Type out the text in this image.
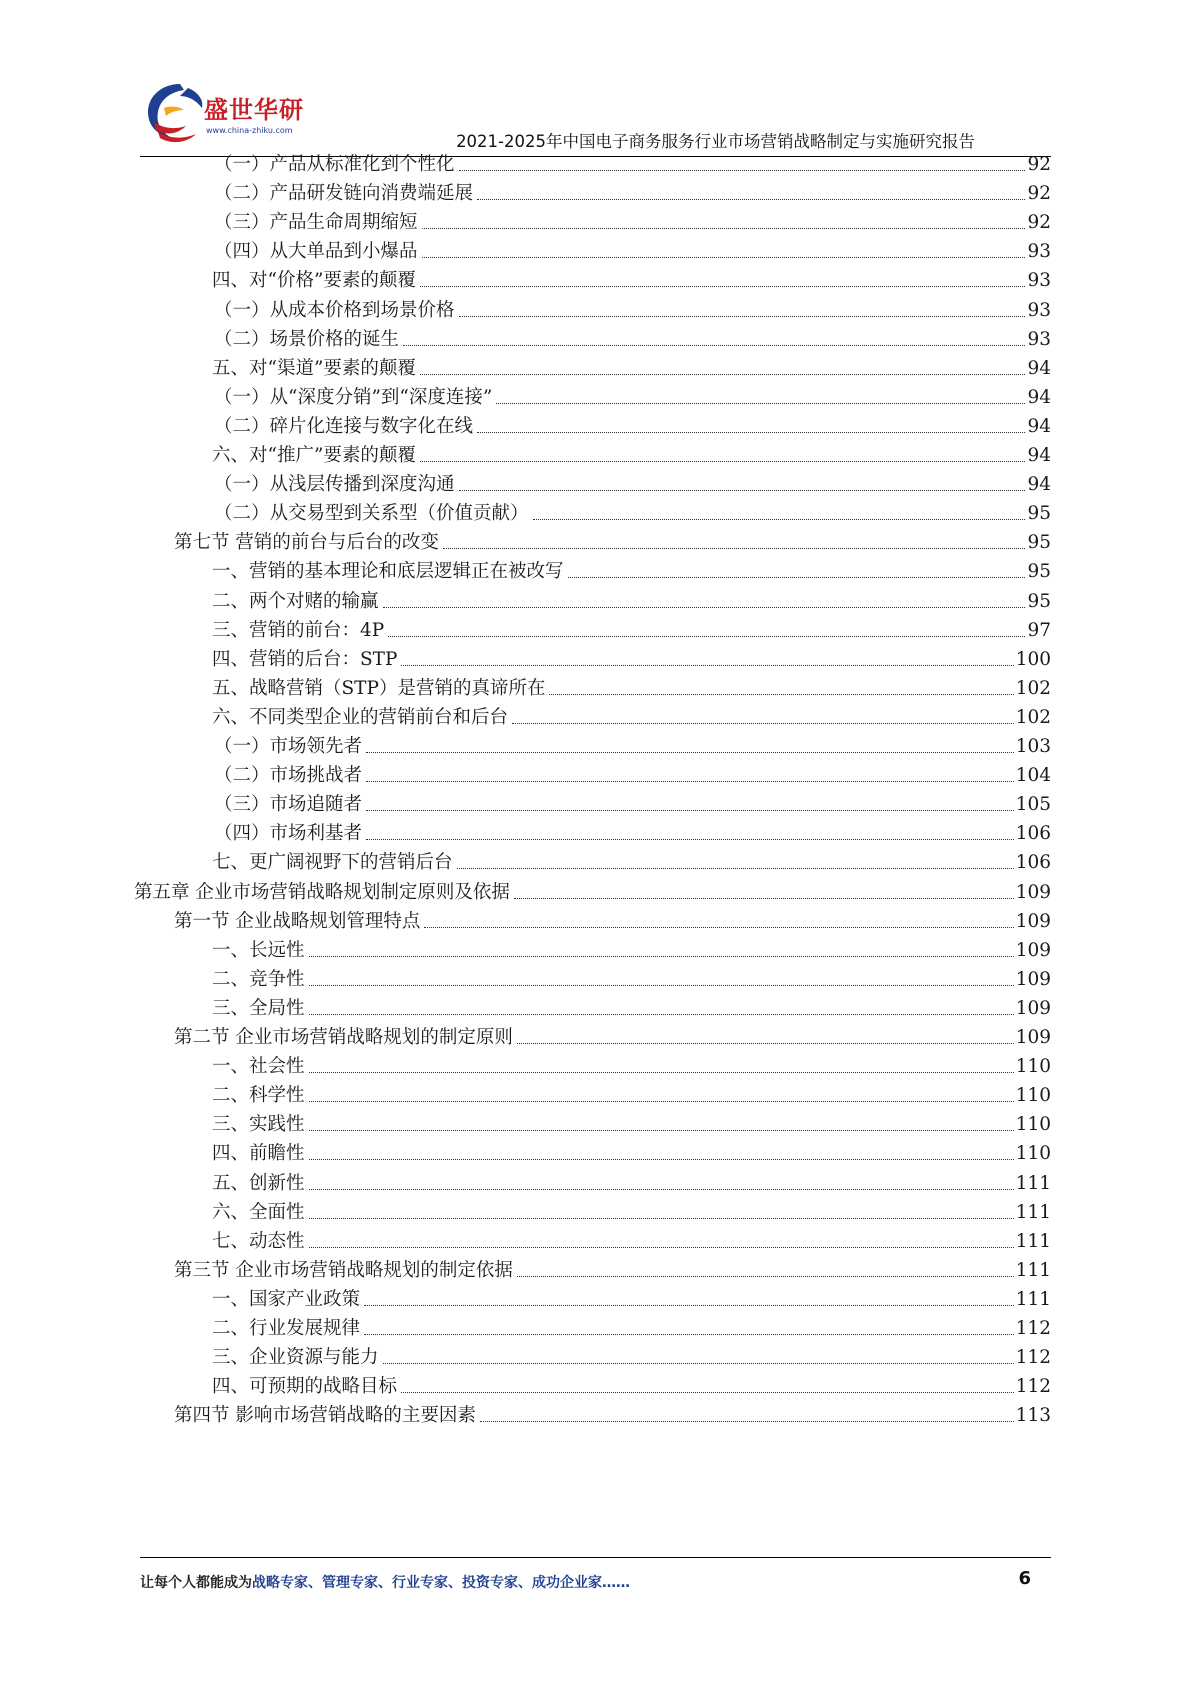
盛世华研
www.china-zhiku.com
2021-2025年中国电子商务服务行业市场营销战略制定与实施研究报告
（一）产品从标准化到个性化	92
（二）产品研发链向消费端延展	92
（三）产品生命周期缩短	92
（四）从大单品到小爆品	93
四、对“价格”要素的颠覆	93
（一）从成本价格到场景价格	93
（二）场景价格的诞生	93
五、对“渠道”要素的颠覆	94
（一）从“深度分销”到“深度连接”	94
（二）碎片化连接与数字化在线	94
六、对“推广”要素的颠覆	94
（一）从浅层传播到深度沟通	94
（二）从交易型到关系型（价值贡献）	95
第七节 营销的前台与后台的改变	95
一、营销的基本理论和底层逻辑正在被改写	95
二、两个对赌的输赢	95
三、营销的前台：4P	97
四、营销的后台：STP	100
五、战略营销（STP）是营销的真谛所在	102
六、不同类型企业的营销前台和后台	102
（一）市场领先者	103
（二）市场挑战者	104
（三）市场追随者	105
（四）市场利基者	106
七、更广阔视野下的营销后台	106
第五章 企业市场营销战略规划制定原则及依据	109
第一节 企业战略规划管理特点	109
一、长远性	109
二、竞争性	109
三、全局性	109
第二节 企业市场营销战略规划的制定原则	109
一、社会性	110
二、科学性	110
三、实践性	110
四、前瞻性	110
五、创新性	111
六、全面性	111
七、动态性	111
第三节 企业市场营销战略规划的制定依据	111
一、国家产业政策	111
二、行业发展规律	112
三、企业资源与能力	112
四、可预期的战略目标	112
第四节 影响市场营销战略的主要因素	113
让每个人都能成为战略专家、管理专家、行业专家、投资专家、成功企业家……	6
